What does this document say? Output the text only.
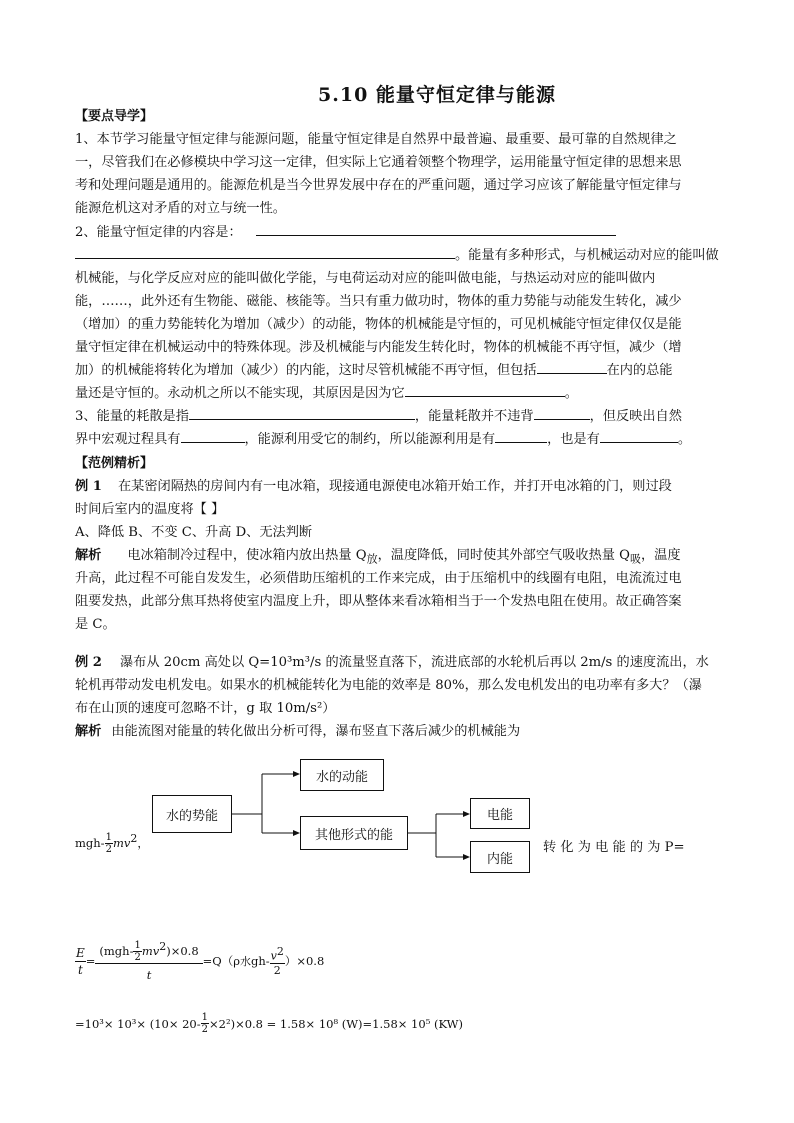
5.10 能量守恒定律与能源
【要点导学】
1、本节学习能量守恒定律与能源问题，能量守恒定律是自然界中最普遍、最重要、最可靠的自然规律之
一，尽管我们在必修模块中学习这一定律，但实际上它通着领整个物理学，运用能量守恒定律的思想来思
考和处理问题是通用的。能源危机是当今世界发展中存在的严重问题，通过学习应该了解能量守恒定律与
能源危机这对矛盾的对立与统一性。
2、能量守恒定律的内容是：
。能量有多种形式，与机械运动对应的能叫做
机械能，与化学反应对应的能叫做化学能，与电荷运动对应的能叫做电能，与热运动对应的能叫做内
能，……，此外还有生物能、磁能、核能等。当只有重力做功时，物体的重力势能与动能发生转化，减少
（增加）的重力势能转化为增加（减少）的动能，物体的机械能是守恒的，可见机械能守恒定律仅仅是能
量守恒定律在机械运动中的特殊体现。涉及机械能与内能发生转化时，物体的机械能不再守恒，减少（增
加）的机械能将转化为增加（减少）的内能，这时尽管机械能不再守恒，但包括	在内的总能
量还是守恒的。永动机之所以不能实现，其原因是因为它	。
3、能量的耗散是指	，能量耗散并不违背	，但反映出自然
界中宏观过程具有	，能源利用受它的制约，所以能源利用是有	，也是有	。
【范例精析】
例 1 在某密闭隔热的房间内有一电冰箱，现接通电源使电冰箱开始工作，并打开电冰箱的门，则过段
时间后室内的温度将【 】
A、降低 B、不变 C、升高 D、无法判断
解析 电冰箱制冷过程中，使冰箱内放出热量 $Q_放$，温度降低，同时使其外部空气吸收热量 $Q_吸$，温度
升高，此过程不可能自发发生，必须借助压缩机的工作来完成，由于压缩机中的线圈有电阻，电流流过电
阻要发热，此部分焦耳热将使室内温度上升，即从整体来看冰箱相当于一个发热电阻在使用。故正确答案
是 C。
例 2 瀑布从 20cm 高处以 Q=10³m³/s 的流量竖直落下，流进底部的水轮机后再以 2m/s 的速度流出，水
轮机再带动发电机发电。如果水的机械能转化为电能的效率是 80%，那么发电机发出的电功率有多大？（瀑
布在山顶的速度可忽略不计，g 取 10m/s²）
解析 由能流图对能量的转化做出分析可得，瀑布竖直下落后减少的机械能为
水的势能
水的动能
其他形式的能
电能
内能
$mgh- \frac{1}{2} mv^2$，	转 化 为 电 能 的 为 P=
$\frac{E}{t} = \frac{(mgh- \frac{1}{2} mv^2)\times 0.8}{t} =Q(\rho$ 水 $gh- \frac{v^2}{2} )\times 0.8$
$=10^3\times 10^3\times (10\times 20- \frac{1}{2} \times 2^2)\times 0.8 = 1.58\times 10^8$ (W)=1.58× 10⁵ (KW)
